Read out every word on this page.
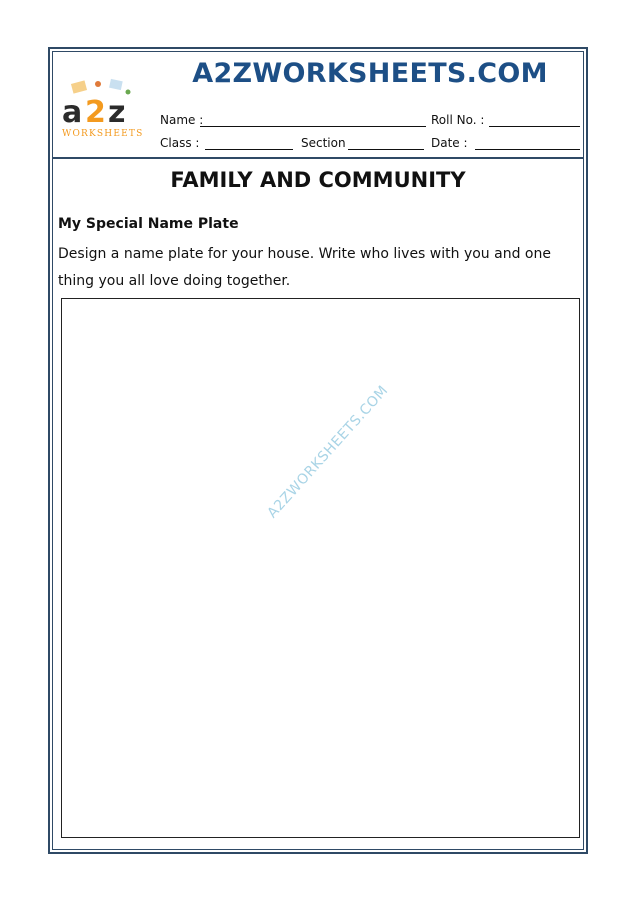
a 2 z
WORKSHEETS
A2ZWORKSHEETS.COM
Name :	Roll No. :
Class :	Section	Date :
FAMILY AND COMMUNITY
My Special Name Plate
Design a name plate for your house. Write who lives with you and one thing you all love doing together.
A2ZWORKSHEETS.COM
